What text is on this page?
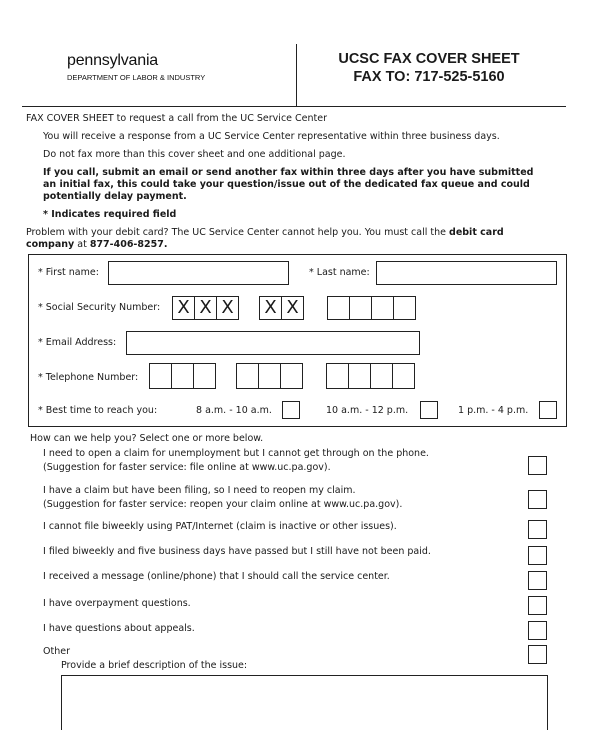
pennsylvania
DEPARTMENT OF LABOR & INDUSTRY
UCSC FAX COVER SHEET
FAX TO: 717-525-5160
FAX COVER SHEET to request a call from the UC Service Center
You will receive a response from a UC Service Center representative within three business days.
Do not fax more than this cover sheet and one additional page.
If you call, submit an email or send another fax within three days after you have submitted
an initial fax, this could take your question/issue out of the dedicated fax queue and could
potentially delay payment.
* Indicates required field
Problem with your debit card? The UC Service Center cannot help you. You must call the debit card
company at 877-406-8257.
* First name:	* Last name:
* Social Security Number: X X X X X
* Email Address:
* Telephone Number:
* Best time to reach you:	8 a.m. - 10 a.m.	10 a.m. - 12 p.m.	1 p.m. - 4 p.m.
How can we help you? Select one or more below.
I need to open a claim for unemployment but I cannot get through on the phone.
(Suggestion for faster service: file online at www.uc.pa.gov).
I have a claim but have been filing, so I need to reopen my claim.
(Suggestion for faster service: reopen your claim online at www.uc.pa.gov).
I cannot file biweekly using PAT/Internet (claim is inactive or other issues).
I filed biweekly and five business days have passed but I still have not been paid.
I received a message (online/phone) that I should call the service center.
I have overpayment questions.
I have questions about appeals.
Other
Provide a brief description of the issue:
